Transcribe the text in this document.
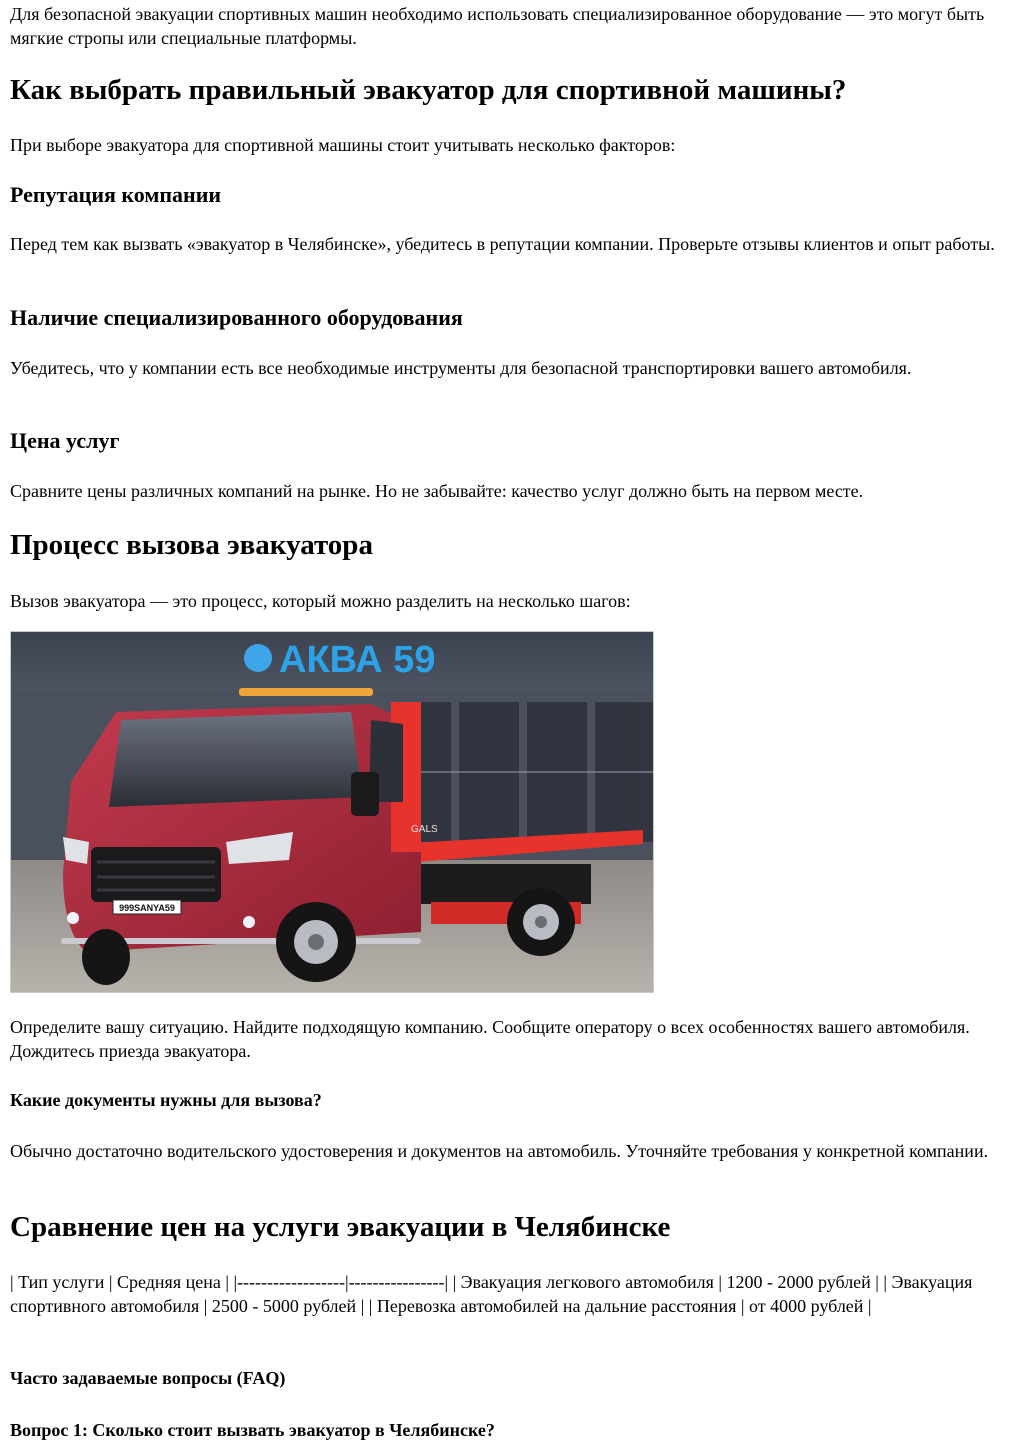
Для безопасной эвакуации спортивных машин необходимо использовать специализированное оборудование — это могут быть мягкие стропы или специальные платформы.

Как выбрать правильный эвакуатор для спортивной машины?

При выборе эвакуатора для спортивной машины стоит учитывать несколько факторов:

Репутация компании

Перед тем как вызвать «эвакуатор в Челябинске», убедитесь в репутации компании. Проверьте отзывы клиентов и опыт работы.

Наличие специализированного оборудования

Убедитесь, что у компании есть все необходимые инструменты для безопасной транспортировки вашего автомобиля.

Цена услуг

Сравните цены различных компаний на рынке. Но не забывайте: качество услуг должно быть на первом месте.

Процесс вызова эвакуатора

Вызов эвакуатора — это процесс, который можно разделить на несколько шагов:

АКВА 59
999SANYA59
GALS

Определите вашу ситуацию. Найдите подходящую компанию. Сообщите оператору о всех особенностях вашего автомобиля. Дождитесь приезда эвакуатора.

Какие документы нужны для вызова?

Обычно достаточно водительского удостоверения и документов на автомобиль. Уточняйте требования у конкретной компании.

Сравнение цен на услуги эвакуации в Челябинске

| Тип услуги | Средняя цена | |------------------|----------------| | Эвакуация легкового автомобиля | 1200 - 2000 рублей | | Эвакуация спортивного автомобиля | 2500 - 5000 рублей | | Перевозка автомобилей на дальние расстояния | от 4000 рублей |

Часто задаваемые вопросы (FAQ)
Вопрос 1: Сколько стоит вызвать эвакуатор в Челябинске?
